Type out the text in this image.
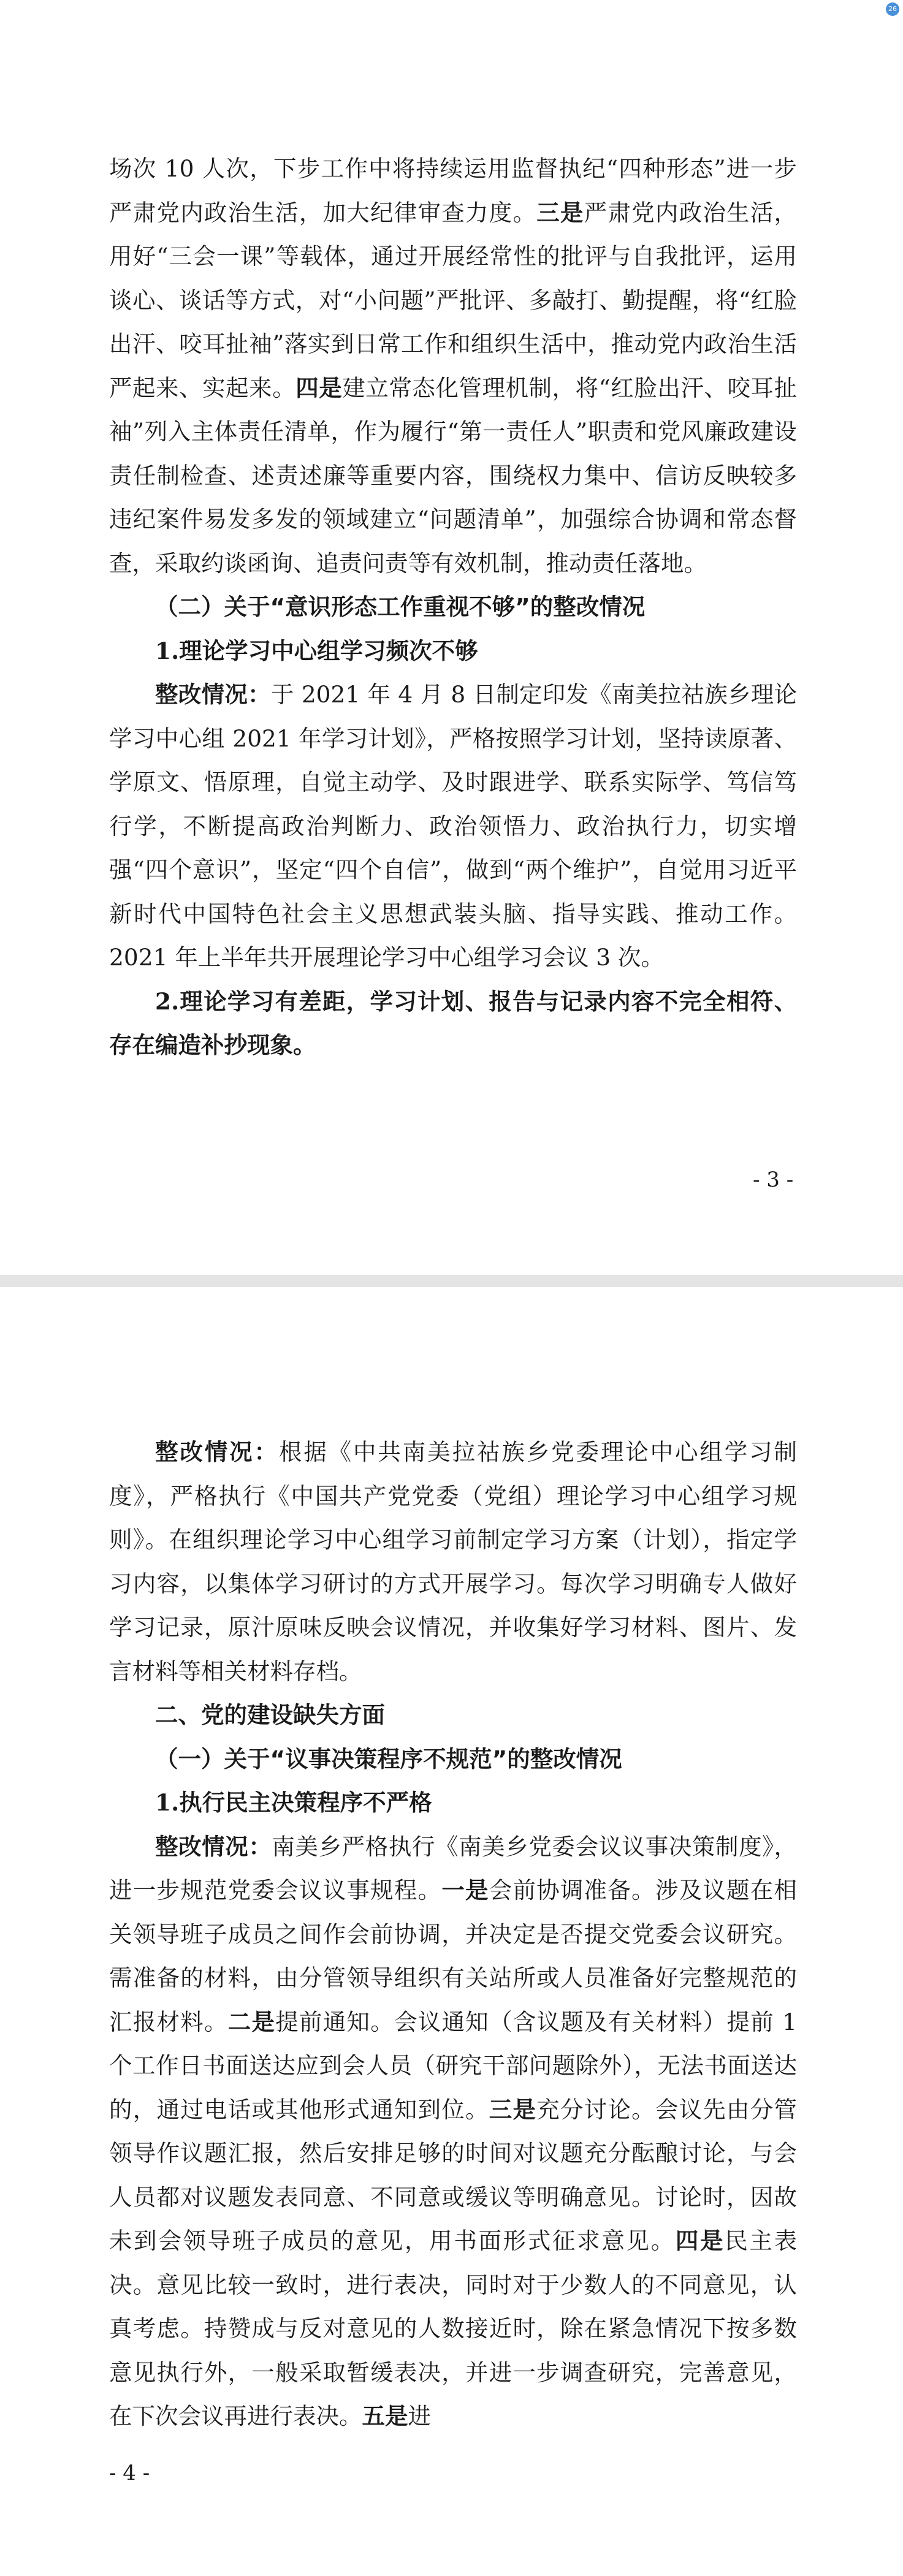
26

场次 10 人次，下步工作中将持续运用监督执纪“四种形态”进一步严肃党内政治生活，加大纪律审查力度。三是严肃党内政治生活，用好“三会一课”等载体，通过开展经常性的批评与自我批评，运用谈心、谈话等方式，对“小问题”严批评、多敲打、勤提醒，将“红脸出汗、咬耳扯袖”落实到日常工作和组织生活中，推动党内政治生活严起来、实起来。四是建立常态化管理机制，将“红脸出汗、咬耳扯袖”列入主体责任清单，作为履行“第一责任人”职责和党风廉政建设责任制检查、述责述廉等重要内容，围绕权力集中、信访反映较多违纪案件易发多发的领域建立“问题清单”，加强综合协调和常态督查，采取约谈函询、追责问责等有效机制，推动责任落地。

（二）关于“意识形态工作重视不够”的整改情况

1.理论学习中心组学习频次不够

整改情况：于 2021 年 4 月 8 日制定印发《南美拉祜族乡理论学习中心组 2021 年学习计划》，严格按照学习计划，坚持读原著、学原文、悟原理，自觉主动学、及时跟进学、联系实际学、笃信笃行学，不断提高政治判断力、政治领悟力、政治执行力，切实增强“四个意识”，坚定“四个自信”，做到“两个维护”，自觉用习近平新时代中国特色社会主义思想武装头脑、指导实践、推动工作。2021 年上半年共开展理论学习中心组学习会议 3 次。

2.理论学习有差距，学习计划、报告与记录内容不完全相符、存在编造补抄现象。

- 3 -

整改情况：根据《中共南美拉祜族乡党委理论中心组学习制度》，严格执行《中国共产党党委（党组）理论学习中心组学习规则》。在组织理论学习中心组学习前制定学习方案（计划），指定学习内容，以集体学习研讨的方式开展学习。每次学习明确专人做好学习记录，原汁原味反映会议情况，并收集好学习材料、图片、发言材料等相关材料存档。

二、党的建设缺失方面

（一）关于“议事决策程序不规范”的整改情况

1.执行民主决策程序不严格

整改情况：南美乡严格执行《南美乡党委会议议事决策制度》，进一步规范党委会议议事规程。一是会前协调准备。涉及议题在相关领导班子成员之间作会前协调，并决定是否提交党委会议研究。需准备的材料，由分管领导组织有关站所或人员准备好完整规范的汇报材料。二是提前通知。会议通知（含议题及有关材料）提前 1 个工作日书面送达应到会人员（研究干部问题除外），无法书面送达的，通过电话或其他形式通知到位。三是充分讨论。会议先由分管领导作议题汇报，然后安排足够的时间对议题充分酝酿讨论，与会人员都对议题发表同意、不同意或缓议等明确意见。讨论时，因故未到会领导班子成员的意见，用书面形式征求意见。四是民主表决。意见比较一致时，进行表决，同时对于少数人的不同意见，认真考虑。持赞成与反对意见的人数接近时，除在紧急情况下按多数意见执行外，一般采取暂缓表决，并进一步调查研究，完善意见，在下次会议再进行表决。五是进

- 4 -
